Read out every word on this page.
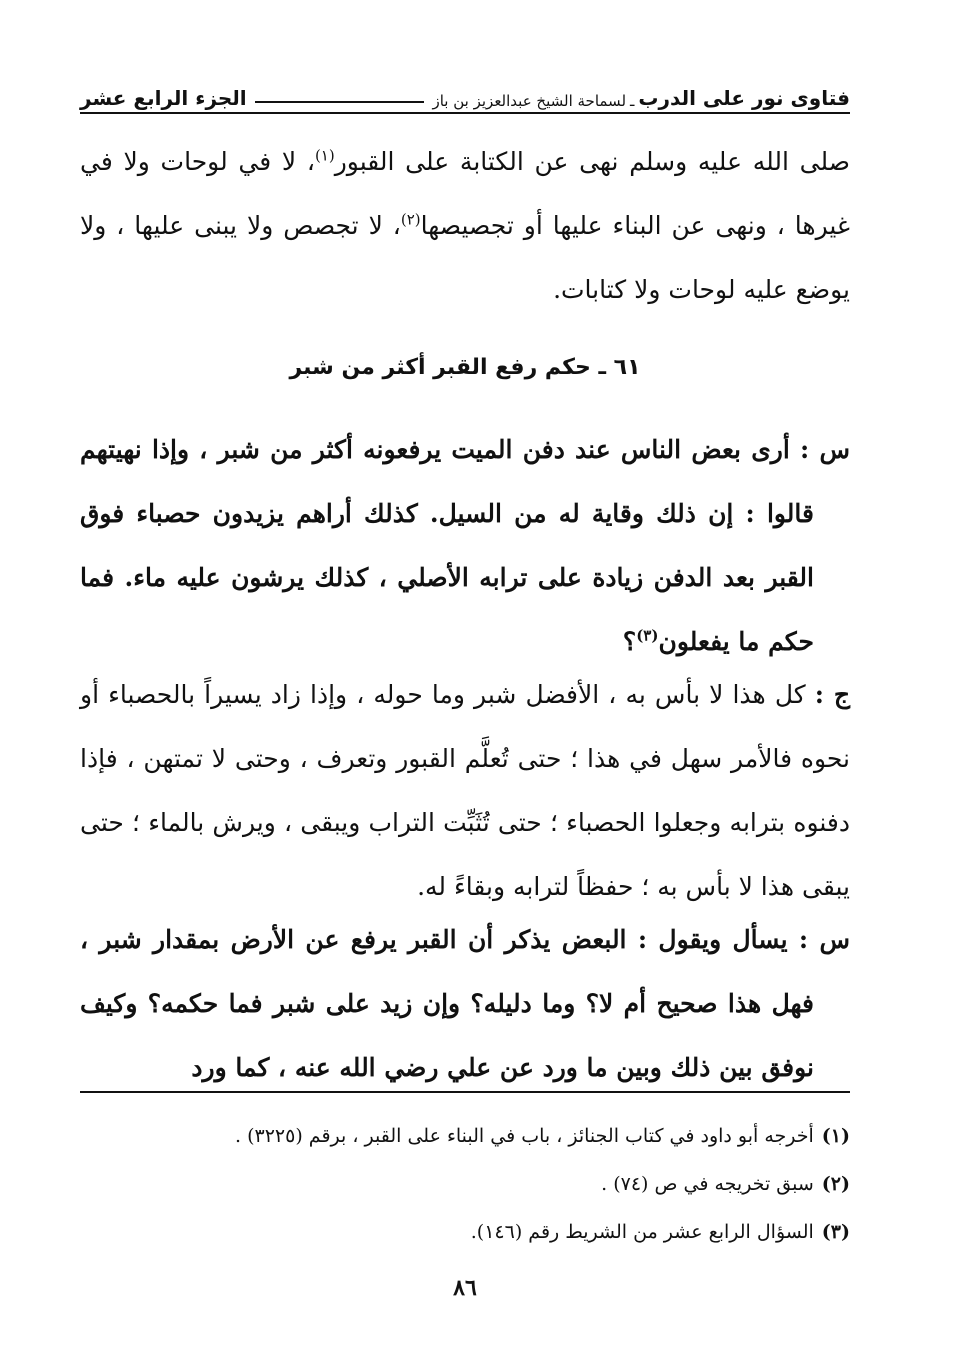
فتاوى نور على الدرب
ـ
لسماحة الشيخ عبدالعزيز بن باز
الجزء الرابع عشر

صلى الله عليه وسلم نهى عن الكتابة على القبور$^{(١)}$، لا في لوحات ولا في غيرها ، ونهى عن البناء عليها أو تجصيصها$^{(٢)}$، لا تجصص ولا يبنى عليها ، ولا يوضع عليه لوحات ولا كتابات.

٦١ ـ حكم رفع القبر أكثر من شبر

س : أرى بعض الناس عند دفن الميت يرفعونه أكثر من شبر ، وإذا نهيتهم قالوا : إن ذلك وقاية له من السيل. كذلك أراهم يزيدون حصباء فوق القبر بعد الدفن زيادة على ترابه الأصلي ، كذلك يرشون عليه ماء. فما حكم ما يفعلون$^{(٣)}$؟

ج : كل هذا لا بأس به ، الأفضل شبر وما حوله ، وإذا زاد يسيراً بالحصباء أو نحوه فالأمر سهل في هذا ؛ حتى تُعلَّم القبور وتعرف ، وحتى لا تمتهن ، فإذا دفنوه بترابه وجعلوا الحصباء ؛ حتى تُثَبِّت التراب ويبقى ، ويرش بالماء ؛ حتى يبقى هذا لا بأس به ؛ حفظاً لترابه وبقاءً له.

س : يسأل ويقول : البعض يذكر أن القبر يرفع عن الأرض بمقدار شبر ، فهل هذا صحيح أم لا؟ وما دليله؟ وإن زيد على شبر فما حكمه؟ وكيف نوفق بين ذلك وبين ما ورد عن علي رضي الله عنه ، كما ورد

(١)أخرجه أبو داود في كتاب الجنائز ، باب في البناء على القبر ، برقم (٣٢٢٥) .
(٢)سبق تخريجه في ص (٧٤) .
(٣)السؤال الرابع عشر من الشريط رقم (١٤٦).
٨٦
